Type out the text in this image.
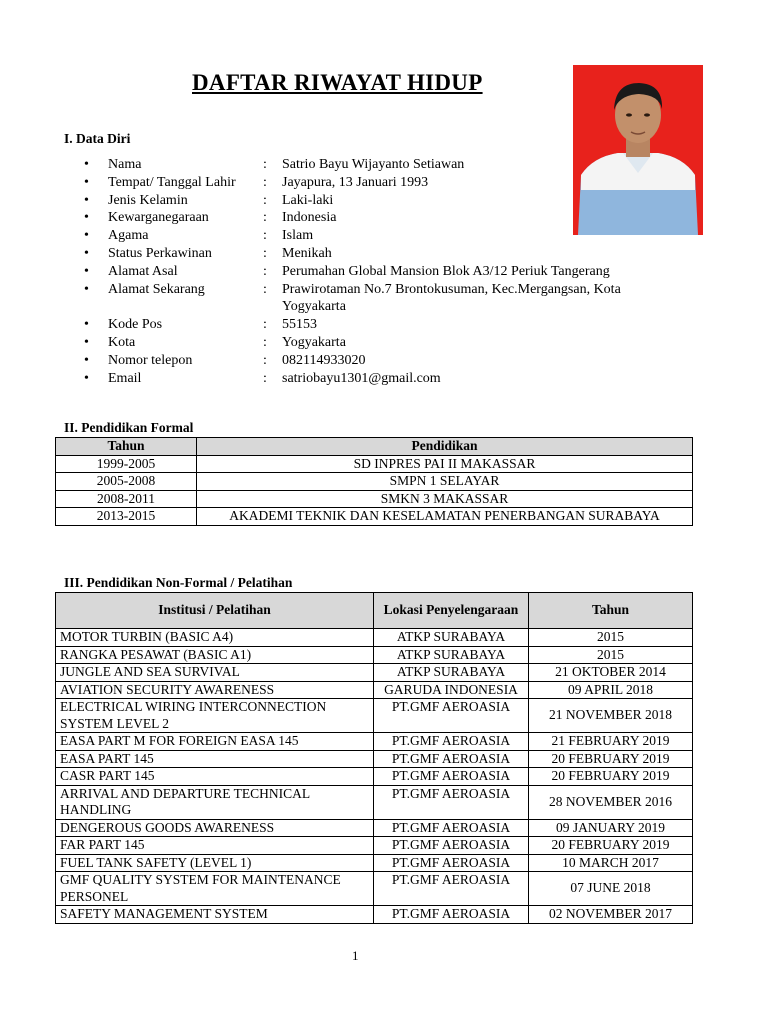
DAFTAR RIWAYAT HIDUP
I. Data Diri
• Nama	: Satrio Bayu Wijayanto Setiawan
• Tempat/ Tanggal Lahir : Jayapura, 13 Januari 1993
• Jenis Kelamin	: Laki-laki
• Kewarganegaraan	: Indonesia
• Agama	: Islam
• Status Perkawinan	: Menikah
• Alamat Asal	: Perumahan Global Mansion Blok A3/12 Periuk Tangerang
• Alamat Sekarang	: Prawirotaman No.7 Brontokusuman, Kec.Mergangsan, Kota Yogyakarta
• Kode Pos	: 55153
• Kota	: Yogyakarta
• Nomor telepon	: 082114933020
• Email	: satriobayu1301@gmail.com
II. Pendidikan Formal
Tahun	Pendidikan
1999-2005	SD INPRES PAI II MAKASSAR
2005-2008	SMPN 1 SELAYAR
2008-2011	SMKN 3 MAKASSAR
2013-2015	AKADEMI TEKNIK DAN KESELAMATAN PENERBANGAN SURABAYA
III. Pendidikan Non-Formal / Pelatihan
Institusi / Pelatihan	Lokasi Penyelengaraan	Tahun
MOTOR TURBIN (BASIC A4)	ATKP SURABAYA	2015
RANGKA PESAWAT (BASIC A1)	ATKP SURABAYA	2015
JUNGLE AND SEA SURVIVAL	ATKP SURABAYA	21 OKTOBER 2014
AVIATION SECURITY AWARENESS	GARUDA INDONESIA	09 APRIL 2018
ELECTRICAL WIRING INTERCONNECTION SYSTEM LEVEL 2	PT.GMF AEROASIA	21 NOVEMBER 2018
EASA PART M FOR FOREIGN EASA 145	PT.GMF AEROASIA	21 FEBRUARY 2019
EASA PART 145	PT.GMF AEROASIA	20 FEBRUARY 2019
CASR PART 145	PT.GMF AEROASIA	20 FEBRUARY 2019
ARRIVAL AND DEPARTURE TECHNICAL HANDLING	PT.GMF AEROASIA	28 NOVEMBER 2016
DENGEROUS GOODS AWARENESS	PT.GMF AEROASIA	09 JANUARY 2019
FAR PART 145	PT.GMF AEROASIA	20 FEBRUARY 2019
FUEL TANK SAFETY (LEVEL 1)	PT.GMF AEROASIA	10 MARCH 2017
GMF QUALITY SYSTEM FOR MAINTENANCE PERSONEL	PT.GMF AEROASIA	07 JUNE 2018
SAFETY MANAGEMENT SYSTEM	PT.GMF AEROASIA	02 NOVEMBER 2017
1
